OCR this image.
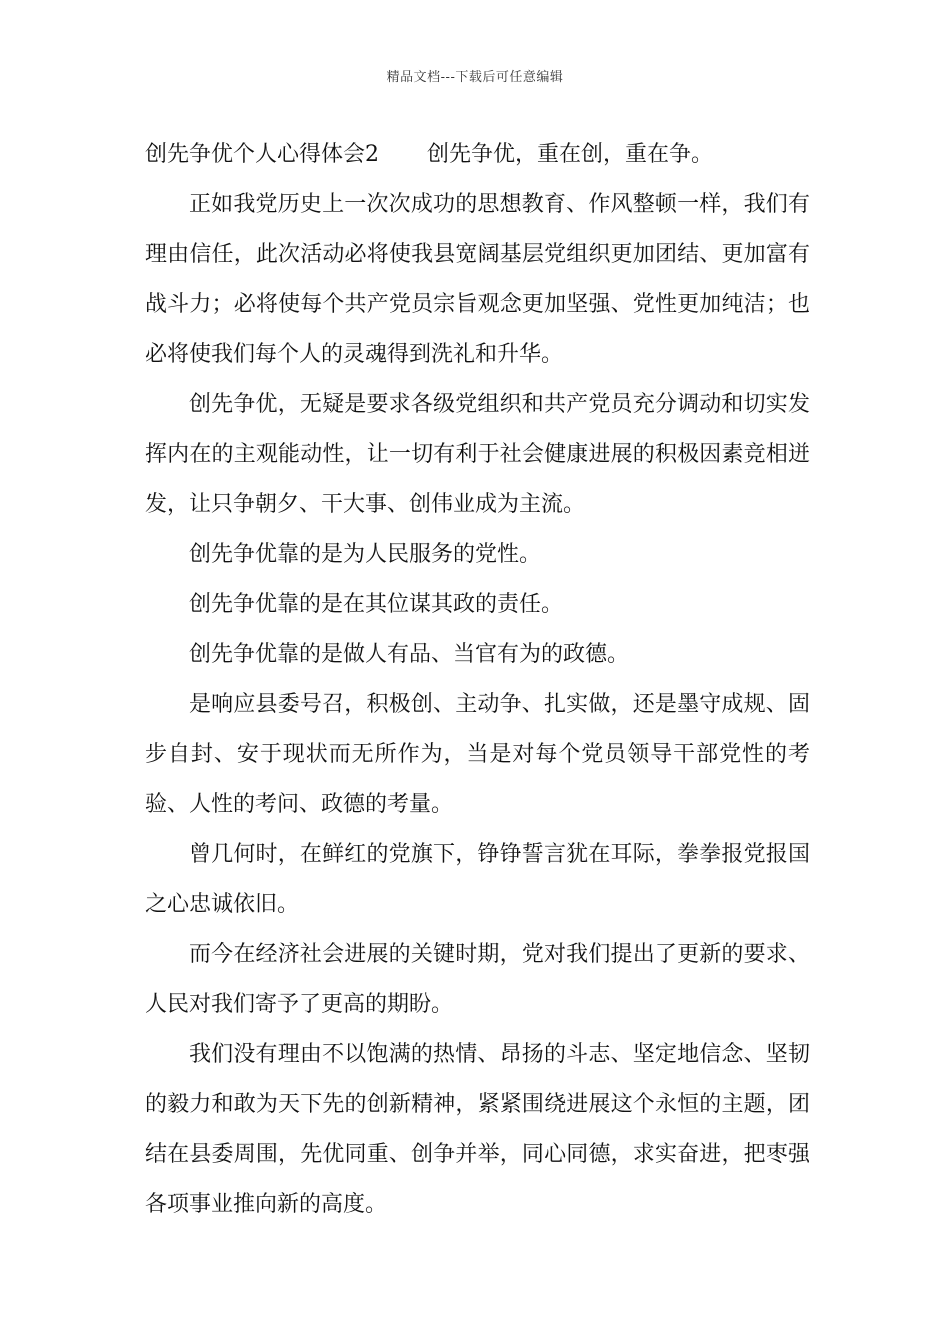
精品文档---下载后可任意编辑

创先争优个人心得体会2 创先争优，重在创，重在争。

正如我党历史上一次次成功的思想教育、作风整顿一样，我们有理由信任，此次活动必将使我县宽阔基层党组织更加团结、更加富有战斗力；必将使每个共产党员宗旨观念更加坚强、党性更加纯洁；也必将使我们每个人的灵魂得到洗礼和升华。

创先争优，无疑是要求各级党组织和共产党员充分调动和切实发挥内在的主观能动性，让一切有利于社会健康进展的积极因素竞相迸发，让只争朝夕、干大事、创伟业成为主流。

创先争优靠的是为人民服务的党性。

创先争优靠的是在其位谋其政的责任。

创先争优靠的是做人有品、当官有为的政德。

是响应县委号召，积极创、主动争、扎实做，还是墨守成规、固步自封、安于现状而无所作为，当是对每个党员领导干部党性的考验、人性的考问、政德的考量。

曾几何时，在鲜红的党旗下，铮铮誓言犹在耳际，拳拳报党报国之心忠诚依旧。

而今在经济社会进展的关键时期，党对我们提出了更新的要求、人民对我们寄予了更高的期盼。

我们没有理由不以饱满的热情、昂扬的斗志、坚定地信念、坚韧的毅力和敢为天下先的创新精神，紧紧围绕进展这个永恒的主题，团结在县委周围，先优同重、创争并举，同心同德，求实奋进，把枣强各项事业推向新的高度。
